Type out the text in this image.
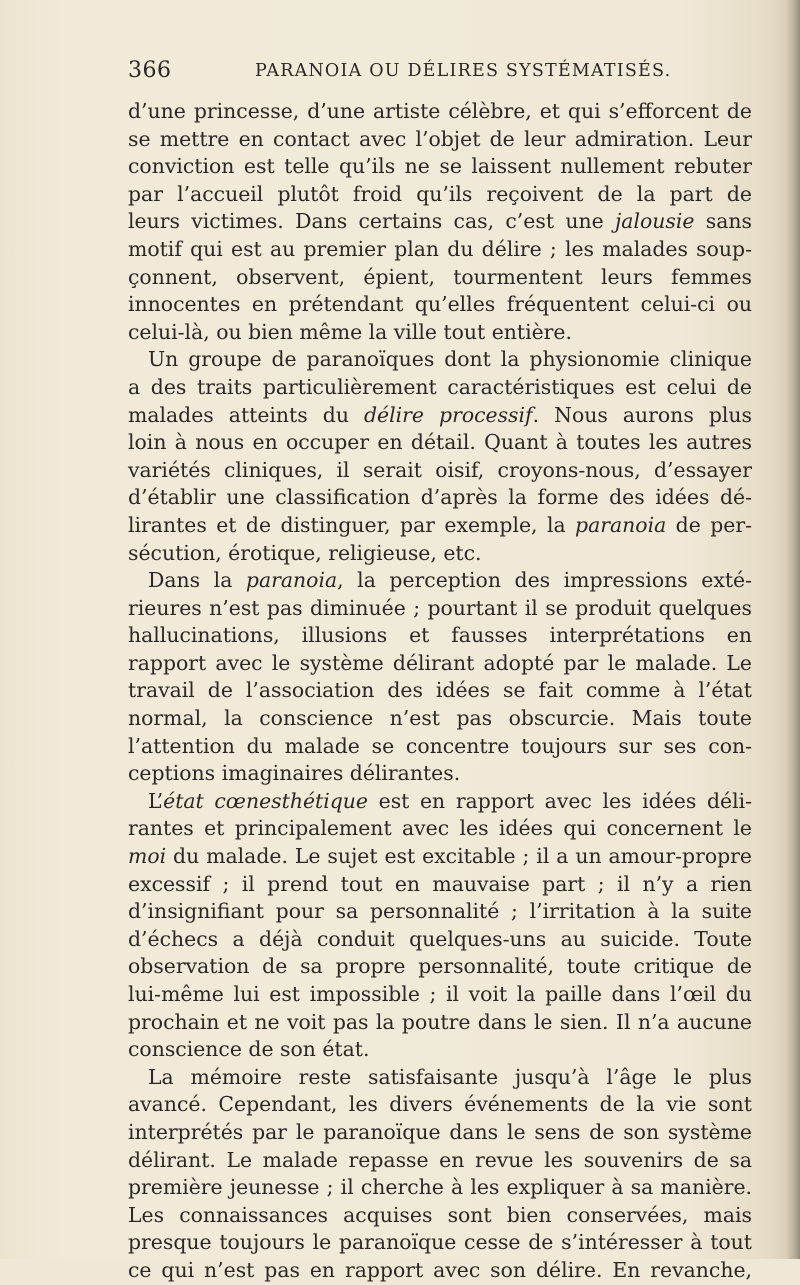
366	PARANOIA OU DÉLIRES SYSTÉMATISÉS.
d’une princesse, d’une artiste célèbre, et qui s’efforcent de
se mettre en contact avec l’objet de leur admiration. Leur
conviction est telle qu’ils ne se laissent nullement rebuter
par l’accueil plutôt froid qu’ils reçoivent de la part de
leurs victimes. Dans certains cas, c’est une jalousie sans
motif qui est au premier plan du délire ; les malades soup-
çonnent, observent, épient, tourmentent leurs femmes
innocentes en prétendant qu’elles fréquentent celui-ci ou
celui-là, ou bien même la ville tout entière.
Un groupe de paranoïques dont la physionomie clinique
a des traits particulièrement caractéristiques est celui de
malades atteints du délire processif. Nous aurons plus
loin à nous en occuper en détail. Quant à toutes les autres
variétés cliniques, il serait oisif, croyons-nous, d’essayer
d’établir une classification d’après la forme des idées dé-
lirantes et de distinguer, par exemple, la paranoia de per-
sécution, érotique, religieuse, etc.
Dans la paranoia, la perception des impressions exté-
rieures n’est pas diminuée ; pourtant il se produit quelques
hallucinations, illusions et fausses interprétations en
rapport avec le système délirant adopté par le malade. Le
travail de l’association des idées se fait comme à l’état
normal, la conscience n’est pas obscurcie. Mais toute
l’attention du malade se concentre toujours sur ses con-
ceptions imaginaires délirantes.
L’état cœnesthétique est en rapport avec les idées déli-
rantes et principalement avec les idées qui concernent le
moi du malade. Le sujet est excitable ; il a un amour-propre
excessif ; il prend tout en mauvaise part ; il n’y a rien
d’insignifiant pour sa personnalité ; l’irritation à la suite
d’échecs a déjà conduit quelques-uns au suicide. Toute
observation de sa propre personnalité, toute critique de
lui-même lui est impossible ; il voit la paille dans l’œil du
prochain et ne voit pas la poutre dans le sien. Il n’a aucune
conscience de son état.
La mémoire reste satisfaisante jusqu’à l’âge le plus
avancé. Cependant, les divers événements de la vie sont
interprétés par le paranoïque dans le sens de son système
délirant. Le malade repasse en revue les souvenirs de sa
première jeunesse ; il cherche à les expliquer à sa manière.
Les connaissances acquises sont bien conservées, mais
presque toujours le paranoïque cesse de s’intéresser à tout
ce qui n’est pas en rapport avec son délire. En revanche,
